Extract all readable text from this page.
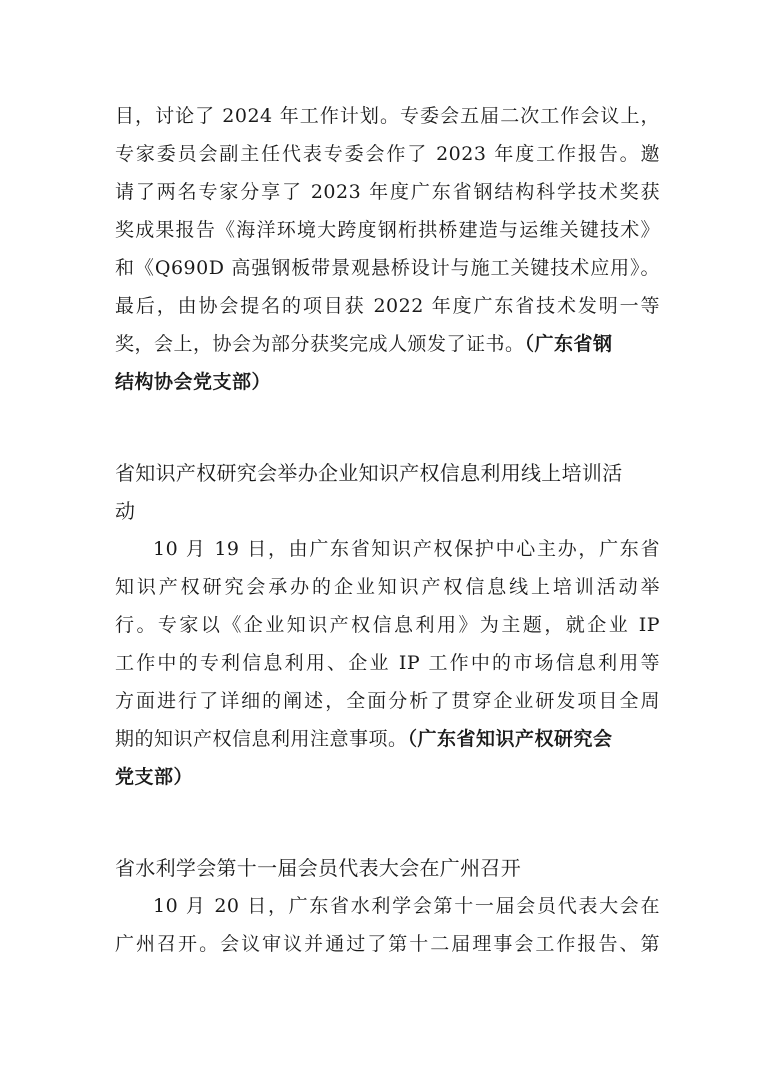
目，讨论了 2024 年工作计划。专委会五届二次工作会议上，
专家委员会副主任代表专委会作了 2023 年度工作报告。邀
请了两名专家分享了 2023 年度广东省钢结构科学技术奖获
奖成果报告《海洋环境大跨度钢桁拱桥建造与运维关键技术》
和《Q690D 高强钢板带景观悬桥设计与施工关键技术应用》。
最后，由协会提名的项目获 2022 年度广东省技术发明一等
奖，会上，协会为部分获奖完成人颁发了证书。（广东省钢
结构协会党支部）
省知识产权研究会举办企业知识产权信息利用线上培训活
动
10 月 19 日，由广东省知识产权保护中心主办，广东省
知识产权研究会承办的企业知识产权信息线上培训活动举
行。专家以《企业知识产权信息利用》为主题，就企业 IP
工作中的专利信息利用、企业 IP 工作中的市场信息利用等
方面进行了详细的阐述，全面分析了贯穿企业研发项目全周
期的知识产权信息利用注意事项。（广东省知识产权研究会
党支部）
省水利学会第十一届会员代表大会在广州召开
10 月 20 日，广东省水利学会第十一届会员代表大会在
广州召开。会议审议并通过了第十二届理事会工作报告、第
